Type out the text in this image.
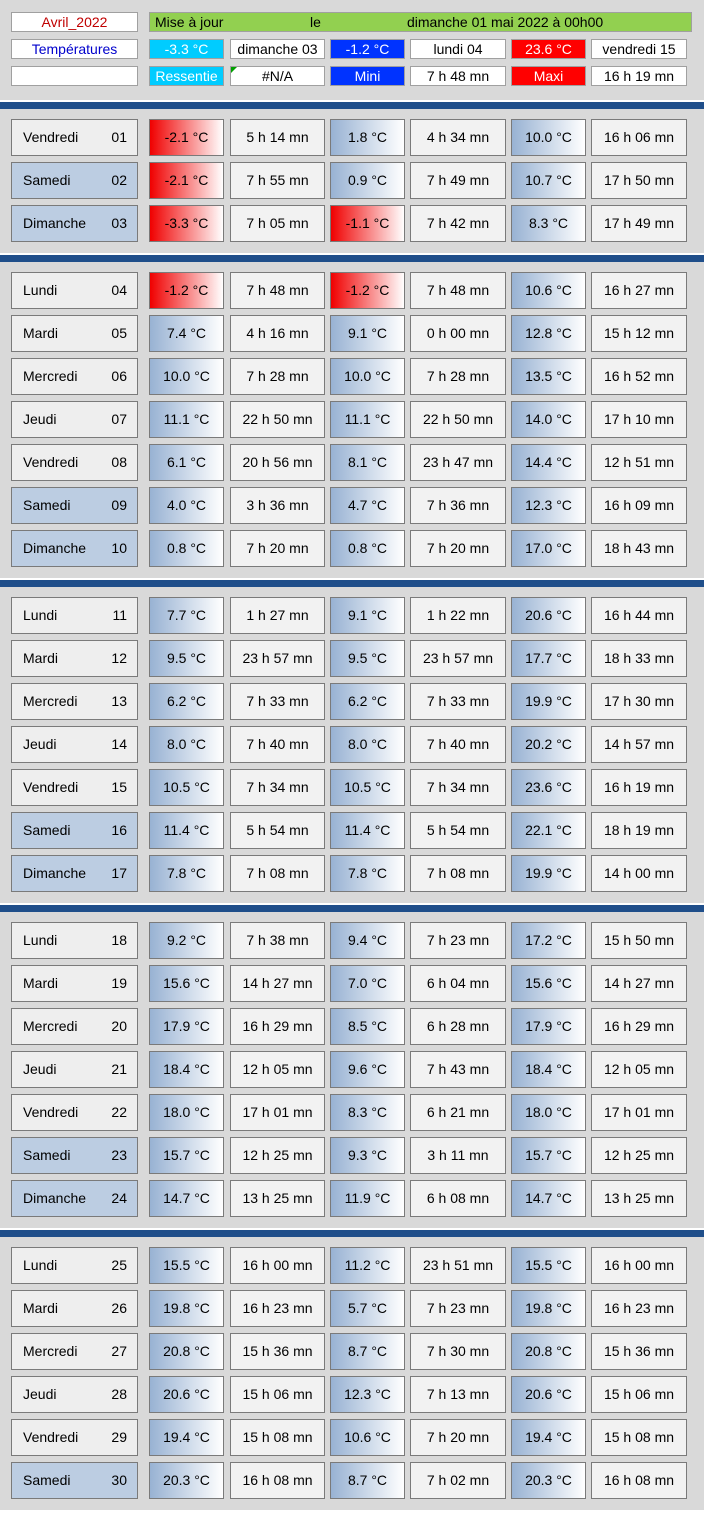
Avril_2022
Températures
Mise à jour	le	dimanche 01 mai 2022 à 00h00
-3.3 °C	dimanche 03	-1.2 °C	lundi 04	23.6 °C	vendredi 15
Ressentie	#N/A	Mini	7 h 48 mn	Maxi	16 h 19 mn
Vendredi 01	-2.1 °C	5 h 14 mn	1.8 °C	4 h 34 mn	10.0 °C	16 h 06 mn
Samedi	02	-2.1 °C	7 h 55 mn	0.9 °C	7 h 49 mn	10.7 °C	17 h 50 mn
Dimanche 03	-3.3 °C	7 h 05 mn	-1.1 °C	7 h 42 mn	8.3 °C	17 h 49 mn
Lundi	04	-1.2 °C	7 h 48 mn	-1.2 °C	7 h 48 mn	10.6 °C	16 h 27 mn
Mardi	05	7.4 °C	4 h 16 mn	9.1 °C	0 h 00 mn	12.8 °C	15 h 12 mn
Mercredi 06	10.0 °C	7 h 28 mn	10.0 °C	7 h 28 mn	13.5 °C	16 h 52 mn
Jeudi	07	11.1 °C	22 h 50 mn	11.1 °C	22 h 50 mn	14.0 °C	17 h 10 mn
Vendredi 08	6.1 °C	20 h 56 mn	8.1 °C	23 h 47 mn	14.4 °C	12 h 51 mn
Samedi	09	4.0 °C	3 h 36 mn	4.7 °C	7 h 36 mn	12.3 °C	16 h 09 mn
Dimanche 10	0.8 °C	7 h 20 mn	0.8 °C	7 h 20 mn	17.0 °C	18 h 43 mn
Lundi	11	7.7 °C	1 h 27 mn	9.1 °C	1 h 22 mn	20.6 °C	16 h 44 mn
Mardi	12	9.5 °C	23 h 57 mn	9.5 °C	23 h 57 mn	17.7 °C	18 h 33 mn
Mercredi 13	6.2 °C	7 h 33 mn	6.2 °C	7 h 33 mn	19.9 °C	17 h 30 mn
Jeudi	14	8.0 °C	7 h 40 mn	8.0 °C	7 h 40 mn	20.2 °C	14 h 57 mn
Vendredi 15	10.5 °C	7 h 34 mn	10.5 °C	7 h 34 mn	23.6 °C	16 h 19 mn
Samedi	16	11.4 °C	5 h 54 mn	11.4 °C	5 h 54 mn	22.1 °C	18 h 19 mn
Dimanche 17	7.8 °C	7 h 08 mn	7.8 °C	7 h 08 mn	19.9 °C	14 h 00 mn
Lundi	18	9.2 °C	7 h 38 mn	9.4 °C	7 h 23 mn	17.2 °C	15 h 50 mn
Mardi	19	15.6 °C	14 h 27 mn	7.0 °C	6 h 04 mn	15.6 °C	14 h 27 mn
Mercredi 20	17.9 °C	16 h 29 mn	8.5 °C	6 h 28 mn	17.9 °C	16 h 29 mn
Jeudi	21	18.4 °C	12 h 05 mn	9.6 °C	7 h 43 mn	18.4 °C	12 h 05 mn
Vendredi 22	18.0 °C	17 h 01 mn	8.3 °C	6 h 21 mn	18.0 °C	17 h 01 mn
Samedi	23	15.7 °C	12 h 25 mn	9.3 °C	3 h 11 mn	15.7 °C	12 h 25 mn
Dimanche 24	14.7 °C	13 h 25 mn	11.9 °C	6 h 08 mn	14.7 °C	13 h 25 mn
Lundi	25	15.5 °C	16 h 00 mn	11.2 °C	23 h 51 mn	15.5 °C	16 h 00 mn
Mardi	26	19.8 °C	16 h 23 mn	5.7 °C	7 h 23 mn	19.8 °C	16 h 23 mn
Mercredi 27	20.8 °C	15 h 36 mn	8.7 °C	7 h 30 mn	20.8 °C	15 h 36 mn
Jeudi	28	20.6 °C	15 h 06 mn	12.3 °C	7 h 13 mn	20.6 °C	15 h 06 mn
Vendredi 29	19.4 °C	15 h 08 mn	10.6 °C	7 h 20 mn	19.4 °C	15 h 08 mn
Samedi	30	20.3 °C	16 h 08 mn	8.7 °C	7 h 02 mn	20.3 °C	16 h 08 mn
